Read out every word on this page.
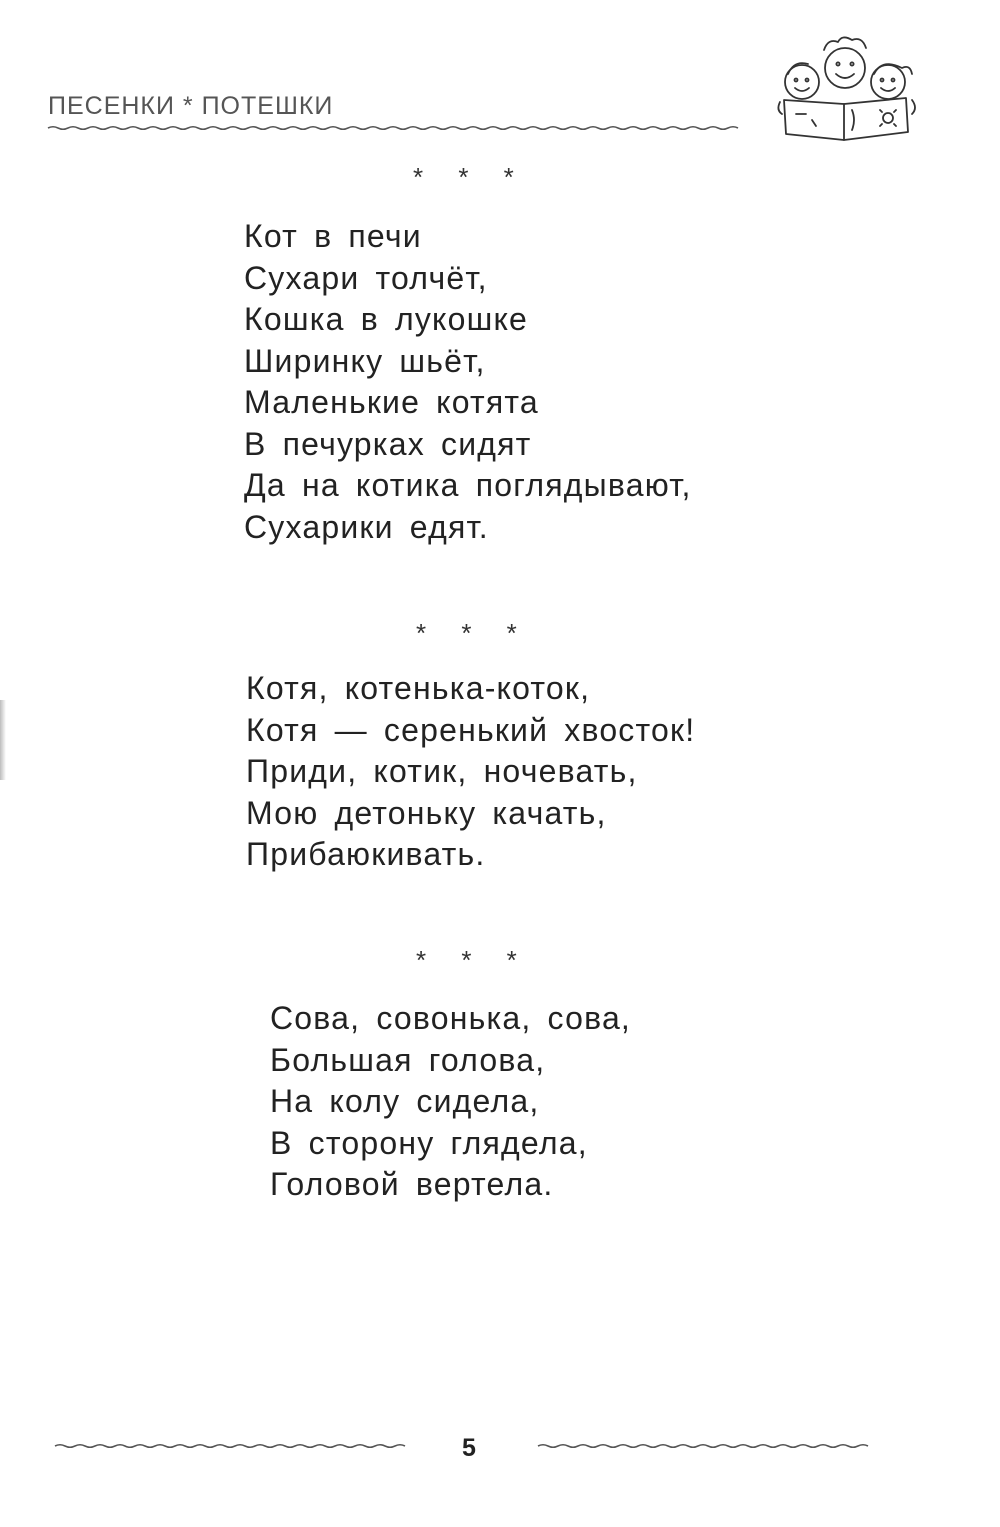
ПЕСЕНКИ * ПОТЕШКИ
* * *
Кот в печи
Сухари толчёт,
Кошка в лукошке
Ширинку шьёт,
Маленькие котята
В печурках сидят
Да на котика поглядывают,
Сухарики едят.
* * *
Котя, котенька-коток,
Котя — серенький хвосток!
Приди, котик, ночевать,
Мою детоньку качать,
Прибаюкивать.
* * *
Сова, совонька, сова,
Большая голова,
На колу сидела,
В сторону глядела,
Головой вертела.
5
